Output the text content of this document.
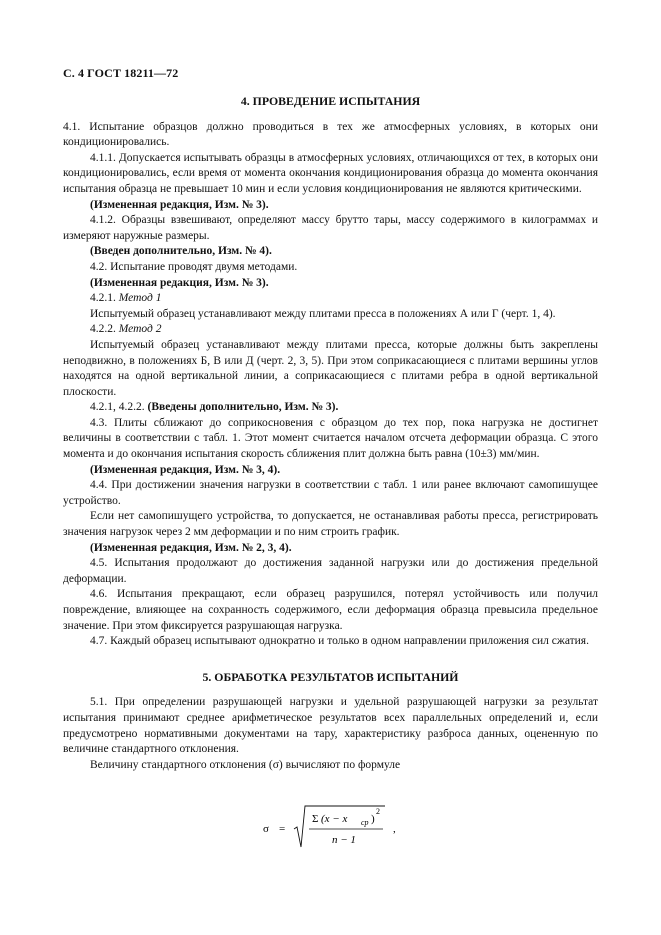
С. 4 ГОСТ 18211—72
4. ПРОВЕДЕНИЕ ИСПЫТАНИЯ

4.1. Испытание образцов должно проводиться в тех же атмосферных условиях, в которых они кондиционировались.

4.1.1. Допускается испытывать образцы в атмосферных условиях, отличающихся от тех, в которых они кондиционировались, если время от момента окончания кондиционирования образца до момента окончания испытания образца не превышает 10 мин и если условия кондиционирования не являются критическими.

(Измененная редакция, Изм. № 3).

4.1.2. Образцы взвешивают, определяют массу брутто тары, массу содержимого в килограммах и измеряют наружные размеры.

(Введен дополнительно, Изм. № 4).

4.2. Испытание проводят двумя методами.

(Измененная редакция, Изм. № 3).

4.2.1. Метод 1

Испытуемый образец устанавливают между плитами пресса в положениях А или Г (черт. 1, 4).

4.2.2. Метод 2

Испытуемый образец устанавливают между плитами пресса, которые должны быть закреплены неподвижно, в положениях Б, В или Д (черт. 2, 3, 5). При этом соприкасающиеся с плитами вершины углов находятся на одной вертикальной линии, а соприкасающиеся с плитами ребра в одной вертикальной плоскости.

4.2.1, 4.2.2. (Введены дополнительно, Изм. № 3).

4.3. Плиты сближают до соприкосновения с образцом до тех пор, пока нагрузка не достигнет величины в соответствии с табл. 1. Этот момент считается началом отсчета деформации образца. С этого момента и до окончания испытания скорость сближения плит должна быть равна (10±3) мм/мин.

(Измененная редакция, Изм. № 3, 4).

4.4. При достижении значения нагрузки в соответствии с табл. 1 или ранее включают самопишущее устройство.

Если нет самопишущего устройства, то допускается, не останавливая работы пресса, регистрировать значения нагрузок через 2 мм деформации и по ним строить график.

(Измененная редакция, Изм. № 2, 3, 4).

4.5. Испытания продолжают до достижения заданной нагрузки или до достижения предельной деформации.

4.6. Испытания прекращают, если образец разрушился, потерял устойчивость или получил повреждение, влияющее на сохранность содержимого, если деформация образца превысила предельное значение. При этом фиксируется разрушающая нагрузка.

4.7. Каждый образец испытывают однократно и только в одном направлении приложения сил сжатия.

5. ОБРАБОТКА РЕЗУЛЬТАТОВ ИСПЫТАНИЙ

5.1. При определении разрушающей нагрузки и удельной разрушающей нагрузки за результат испытания принимают среднее арифметическое результатов всех параллельных определений и, если предусмотрено нормативными документами на тару, характеристику разброса данных, оцененную по величине стандартного отклонения.

Величину стандартного отклонения (σ) вычисляют по формуле

σ =
Σ (x − x ср )
2
n − 1
,
